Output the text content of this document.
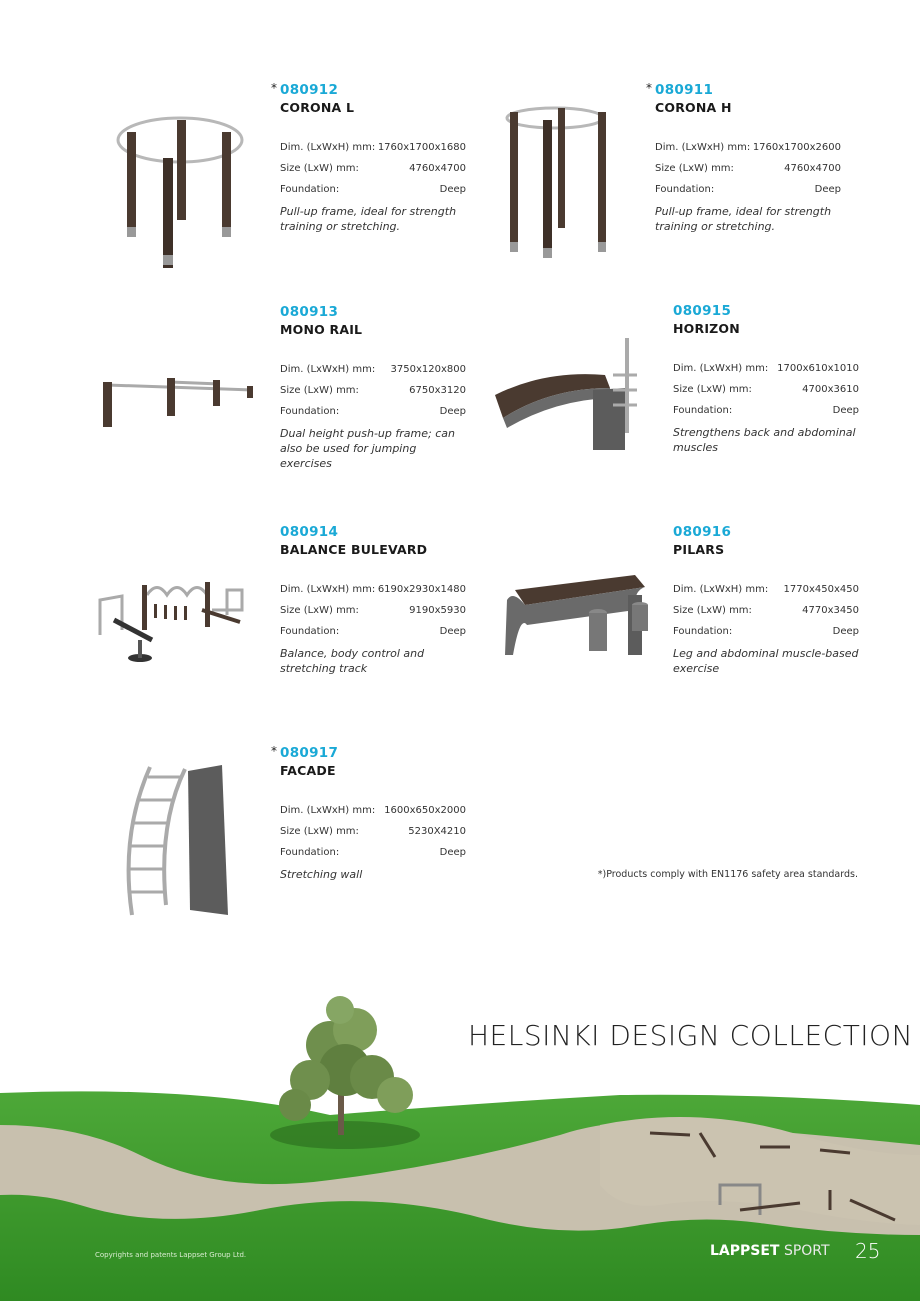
* 080912
CORONA L
Dim. (LxWxH) mm: 1760x1700x1680
Size (LxW) mm:	4760x4700
Foundation:	Deep
Pull-up frame, ideal for strength training or stretching.
* 080911
CORONA H
Dim. (LxWxH) mm: 1760x1700x2600
Size (LxW) mm:	4760x4700
Foundation:	Deep
Pull-up frame, ideal for strength training or stretching.
080913
MONO RAIL
Dim. (LxWxH) mm: 3750x120x800
Size (LxW) mm:	6750x3120
Foundation:	Deep
Dual height push-up frame; can also be used for jumping exercises
080915
HORIZON
Dim. (LxWxH) mm: 1700x610x1010
Size (LxW) mm:	4700x3610
Foundation:	Deep
Strengthens back and abdominal muscles
080914
BALANCE BULEVARD
Dim. (LxWxH) mm: 6190x2930x1480
Size (LxW) mm:	9190x5930
Foundation:	Deep
Balance, body control and stretching track
080916
PILARS
Dim. (LxWxH) mm: 1770x450x450
Size (LxW) mm:	4770x3450
Foundation:	Deep
Leg and abdominal muscle-based exercise
* 080917
FACADE
Dim. (LxWxH) mm: 1600x650x2000
Size (LxW) mm:	5230X4210
Foundation:	Deep
Stretching wall	*)Products comply with EN1176 safety area standards.
HELSINKI DESIGN COLLECTION
Copyrights and patents Lappset Group Ltd.	LAPPSET SPORT 25
